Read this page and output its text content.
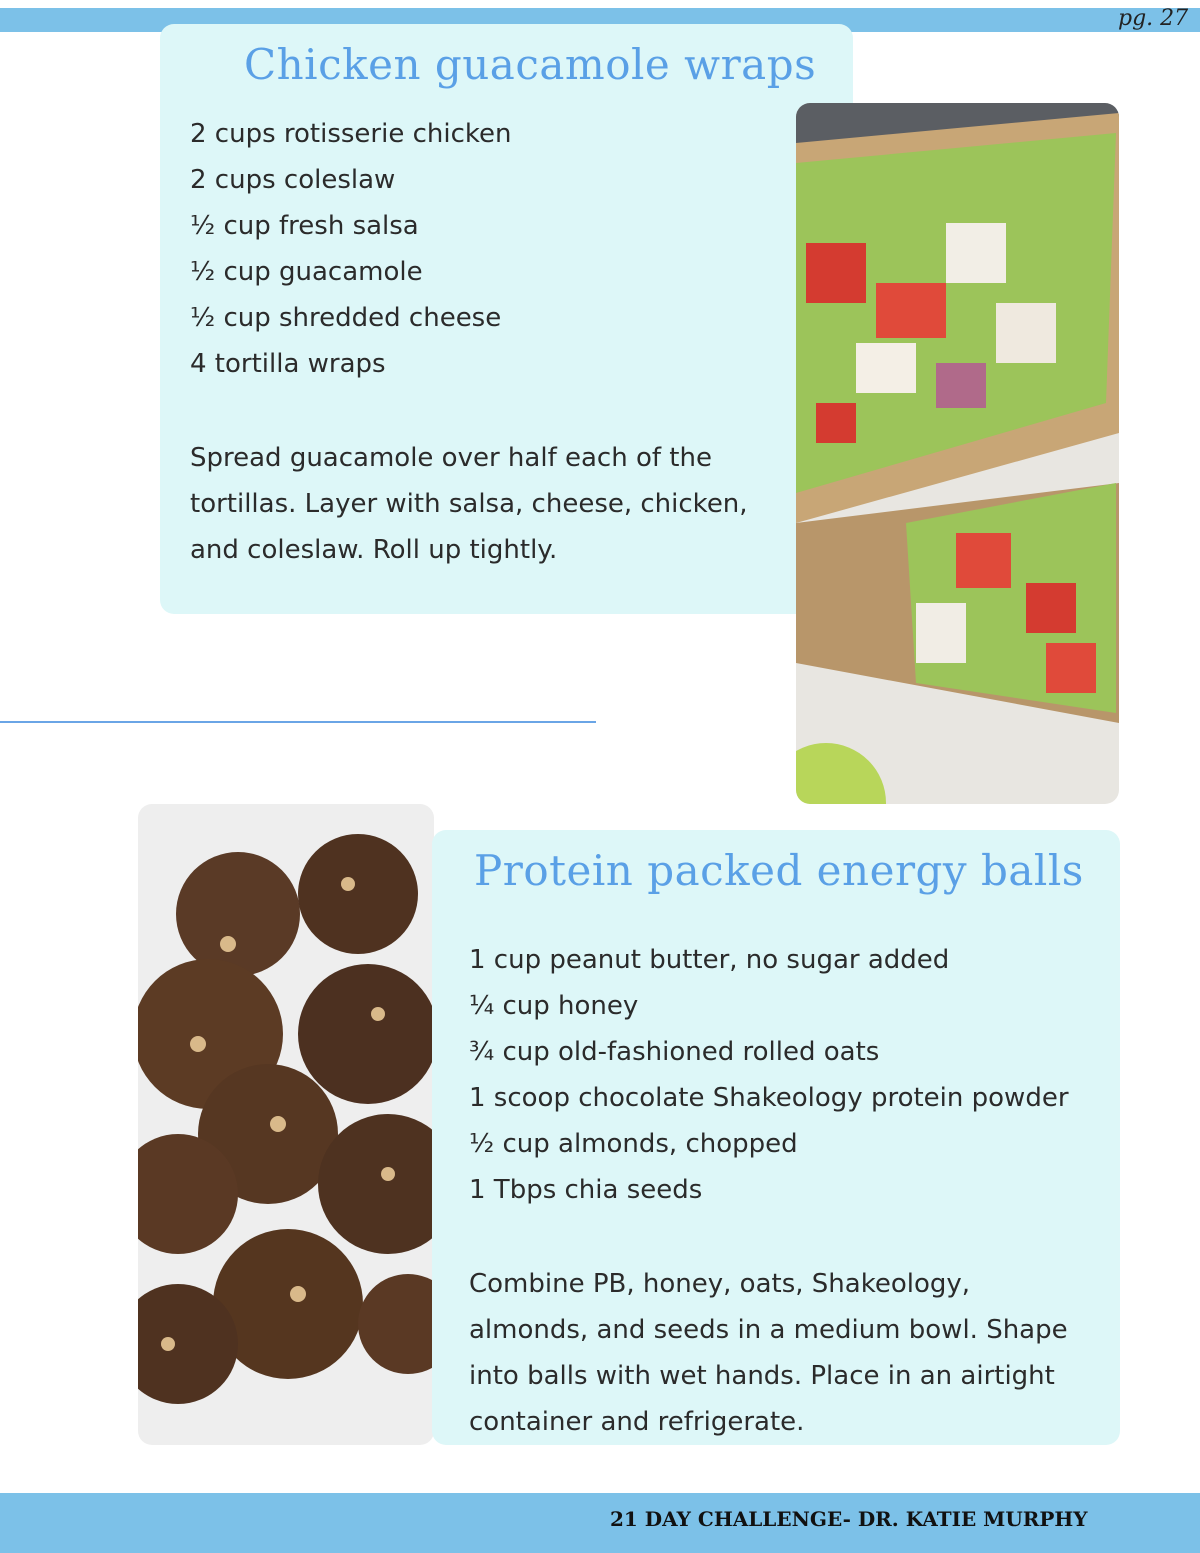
pg. 27
Chicken guacamole wraps
2 cups rotisserie chicken
2 cups coleslaw
½ cup fresh salsa
½ cup guacamole
½ cup shredded cheese
4 tortilla wraps

Spread guacamole over half each of the tortillas. Layer with salsa, cheese, chicken, and coleslaw. Roll up tightly.

Protein packed energy balls
1 cup peanut butter, no sugar added
¼ cup honey
¾ cup old-fashioned rolled oats
1 scoop chocolate Shakeology protein powder
½ cup almonds, chopped
1 Tbps chia seeds

Combine PB, honey, oats, Shakeology, almonds, and seeds in a medium bowl. Shape into balls with wet hands. Place in an airtight container and refrigerate.

21 DAY CHALLENGE- DR. KATIE MURPHY
